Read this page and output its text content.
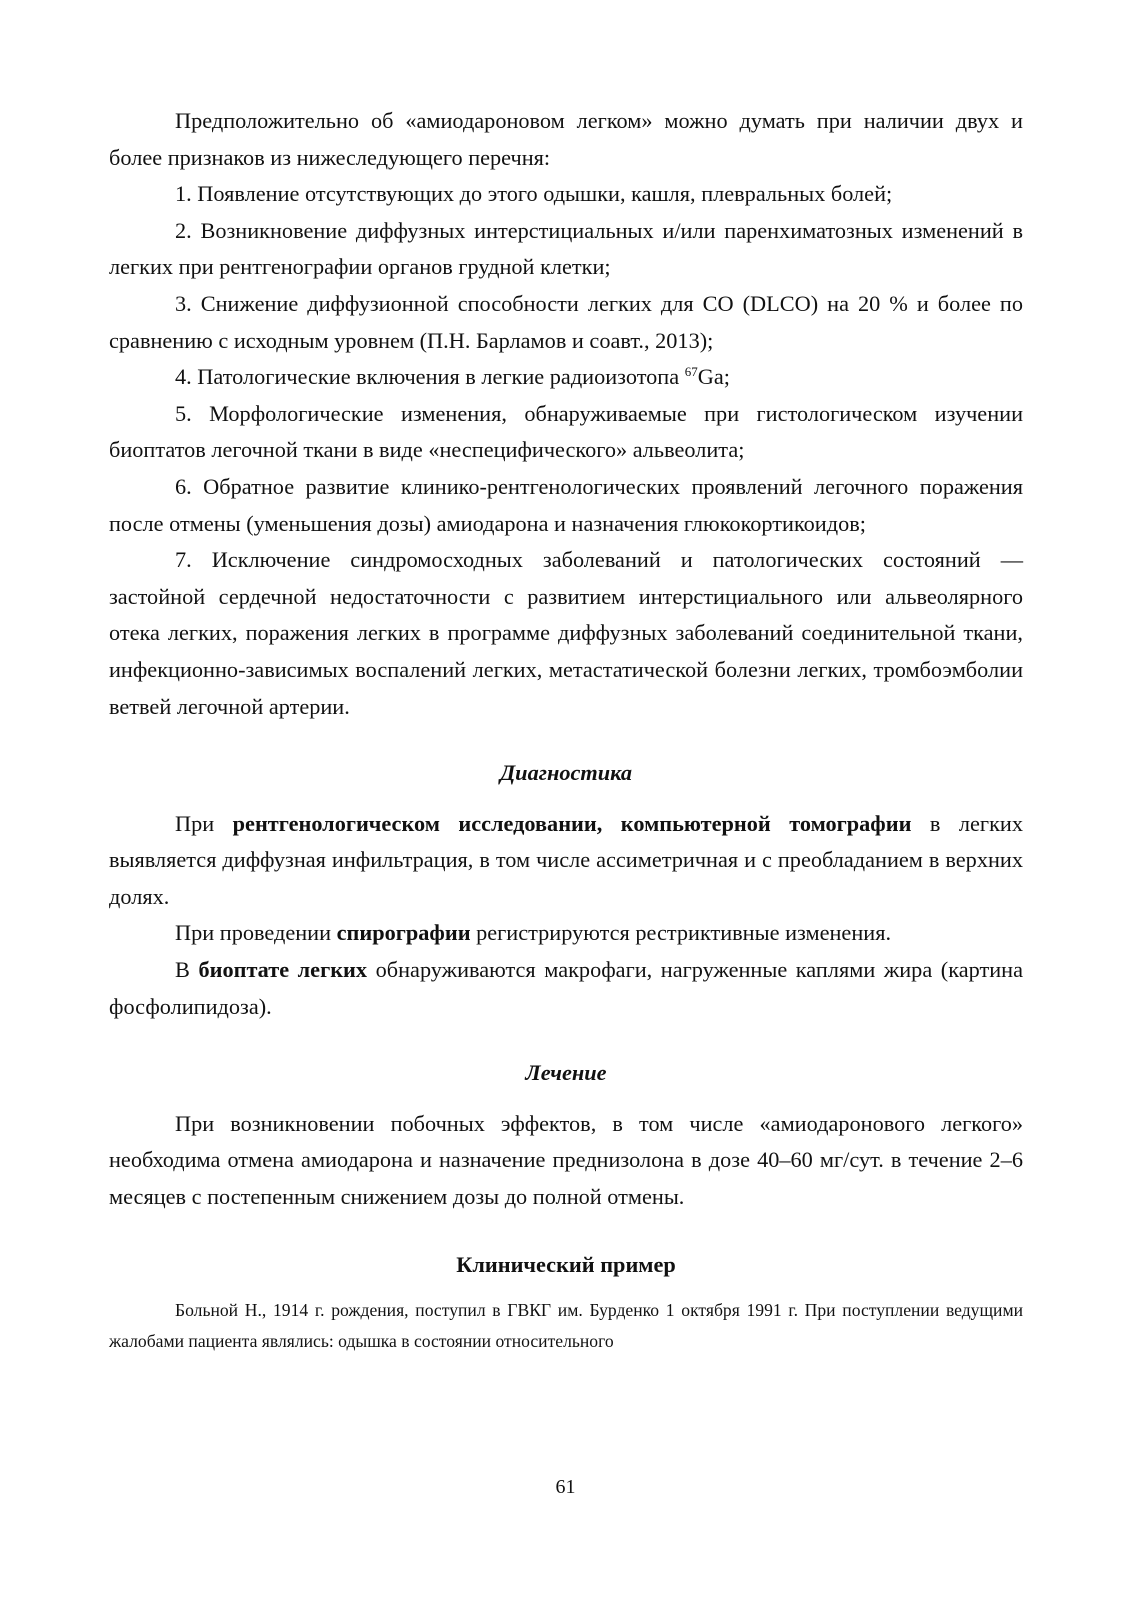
Предположительно об «амиодароновом легком» можно думать при наличии двух и более признаков из нижеследующего перечня:

1. Появление отсутствующих до этого одышки, кашля, плевральных болей;

2. Возникновение диффузных интерстициальных и/или паренхиматозных изменений в легких при рентгенографии органов грудной клетки;

3. Снижение диффузионной способности легких для CO (DLCO) на 20 % и более по сравнению с исходным уровнем (П.Н. Барламов и соавт., 2013);

4. Патологические включения в легкие радиоизотопа $^{67}$Ga;

5. Морфологические изменения, обнаруживаемые при гистологическом изучении биоптатов легочной ткани в виде «неспецифического» альвеолита;

6. Обратное развитие клинико-рентгенологических проявлений легочного поражения после отмены (уменьшения дозы) амиодарона и назначения глюкокортикоидов;

7. Исключение синдромосходных заболеваний и патологических состояний — застойной сердечной недостаточности с развитием интерстициального или альвеолярного отека легких, поражения легких в программе диффузных заболеваний соединительной ткани, инфекционно-зависимых воспалений легких, метастатической болезни легких, тромбоэмболии ветвей легочной артерии.

Диагностика

При рентгенологическом исследовании, компьютерной томографии в легких выявляется диффузная инфильтрация, в том числе ассиметричная и с преобладанием в верхних долях.

При проведении спирографии регистрируются рестриктивные изменения.

В биоптате легких обнаруживаются макрофаги, нагруженные каплями жира (картина фосфолипидоза).

Лечение

При возникновении побочных эффектов, в том числе «амиодаронового легкого» необходима отмена амиодарона и назначение преднизолона в дозе 40–60 мг/сут. в течение 2–6 месяцев с постепенным снижением дозы до полной отмены.

Клинический пример

Больной Н., 1914 г. рождения, поступил в ГВКГ им. Бурденко 1 октября 1991 г. При поступлении ведущими жалобами пациента являлись: одышка в состоянии относительного

61
